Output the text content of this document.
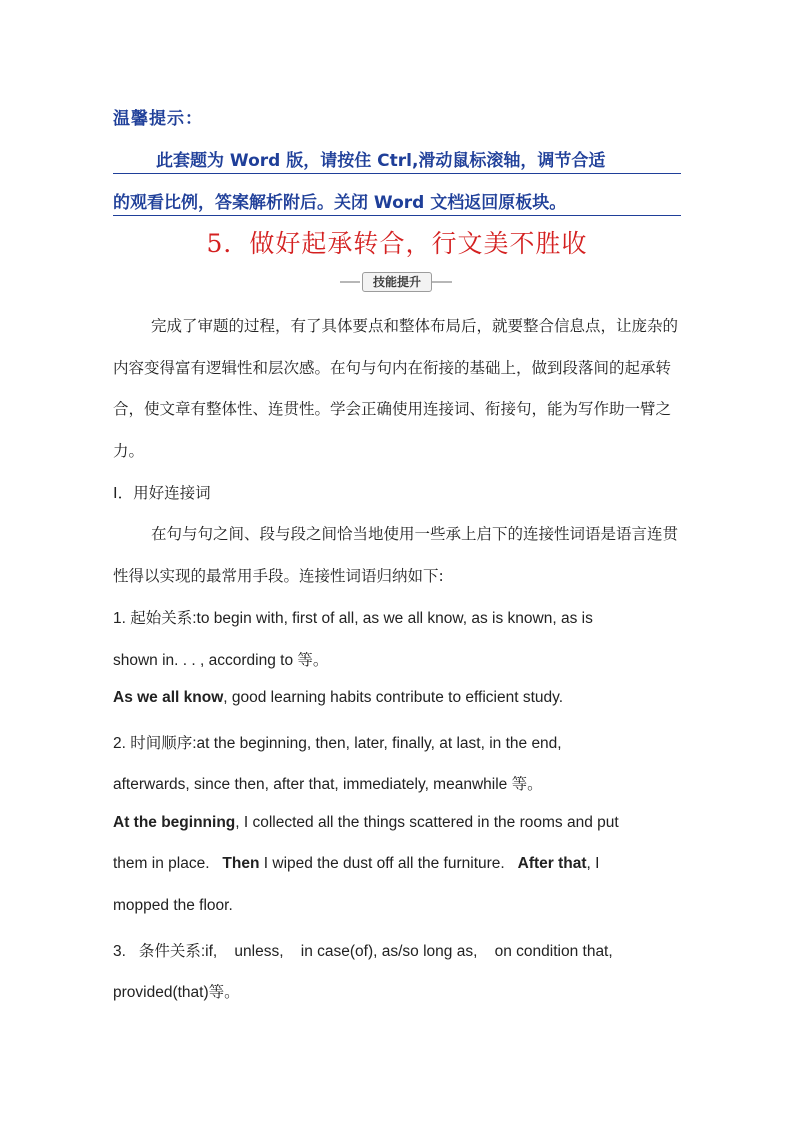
温馨提示：
此套题为 Word 版，请按住 Ctrl,滑动鼠标滚轴，调节合适
的观看比例，答案解析附后。关闭 Word 文档返回原板块。
5．做好起承转合，行文美不胜收
技能提升
完成了审题的过程，有了具体要点和整体布局后，就要整合信息点，让庞杂的内容变得富有逻辑性和层次感。在句与句内在衔接的基础上，做到段落间的起承转合，使文章有整体性、连贯性。学会正确使用连接词、衔接句，能为写作助一臂之力。
Ⅰ．用好连接词
在句与句之间、段与段之间恰当地使用一些承上启下的连接性词语是语言连贯性得以实现的最常用手段。连接性词语归纳如下:
1. 起始关系:to begin with, first of all, as we all know, as is known, as is
shown in. . . , according to 等。
As we all know, good learning habits contribute to efficient study.
2. 时间顺序:at the beginning, then, later, finally, at last, in the end,
afterwards, since then, after that, immediately, meanwhile 等。
At the beginning, I collected all the things scattered in the rooms and put
them in place.   Then I wiped the dust off all the furniture.   After that, I
mopped the floor.
3.   条件关系:if,    unless,    in case(of), as/so long as,    on condition that,
provided(that)等。
